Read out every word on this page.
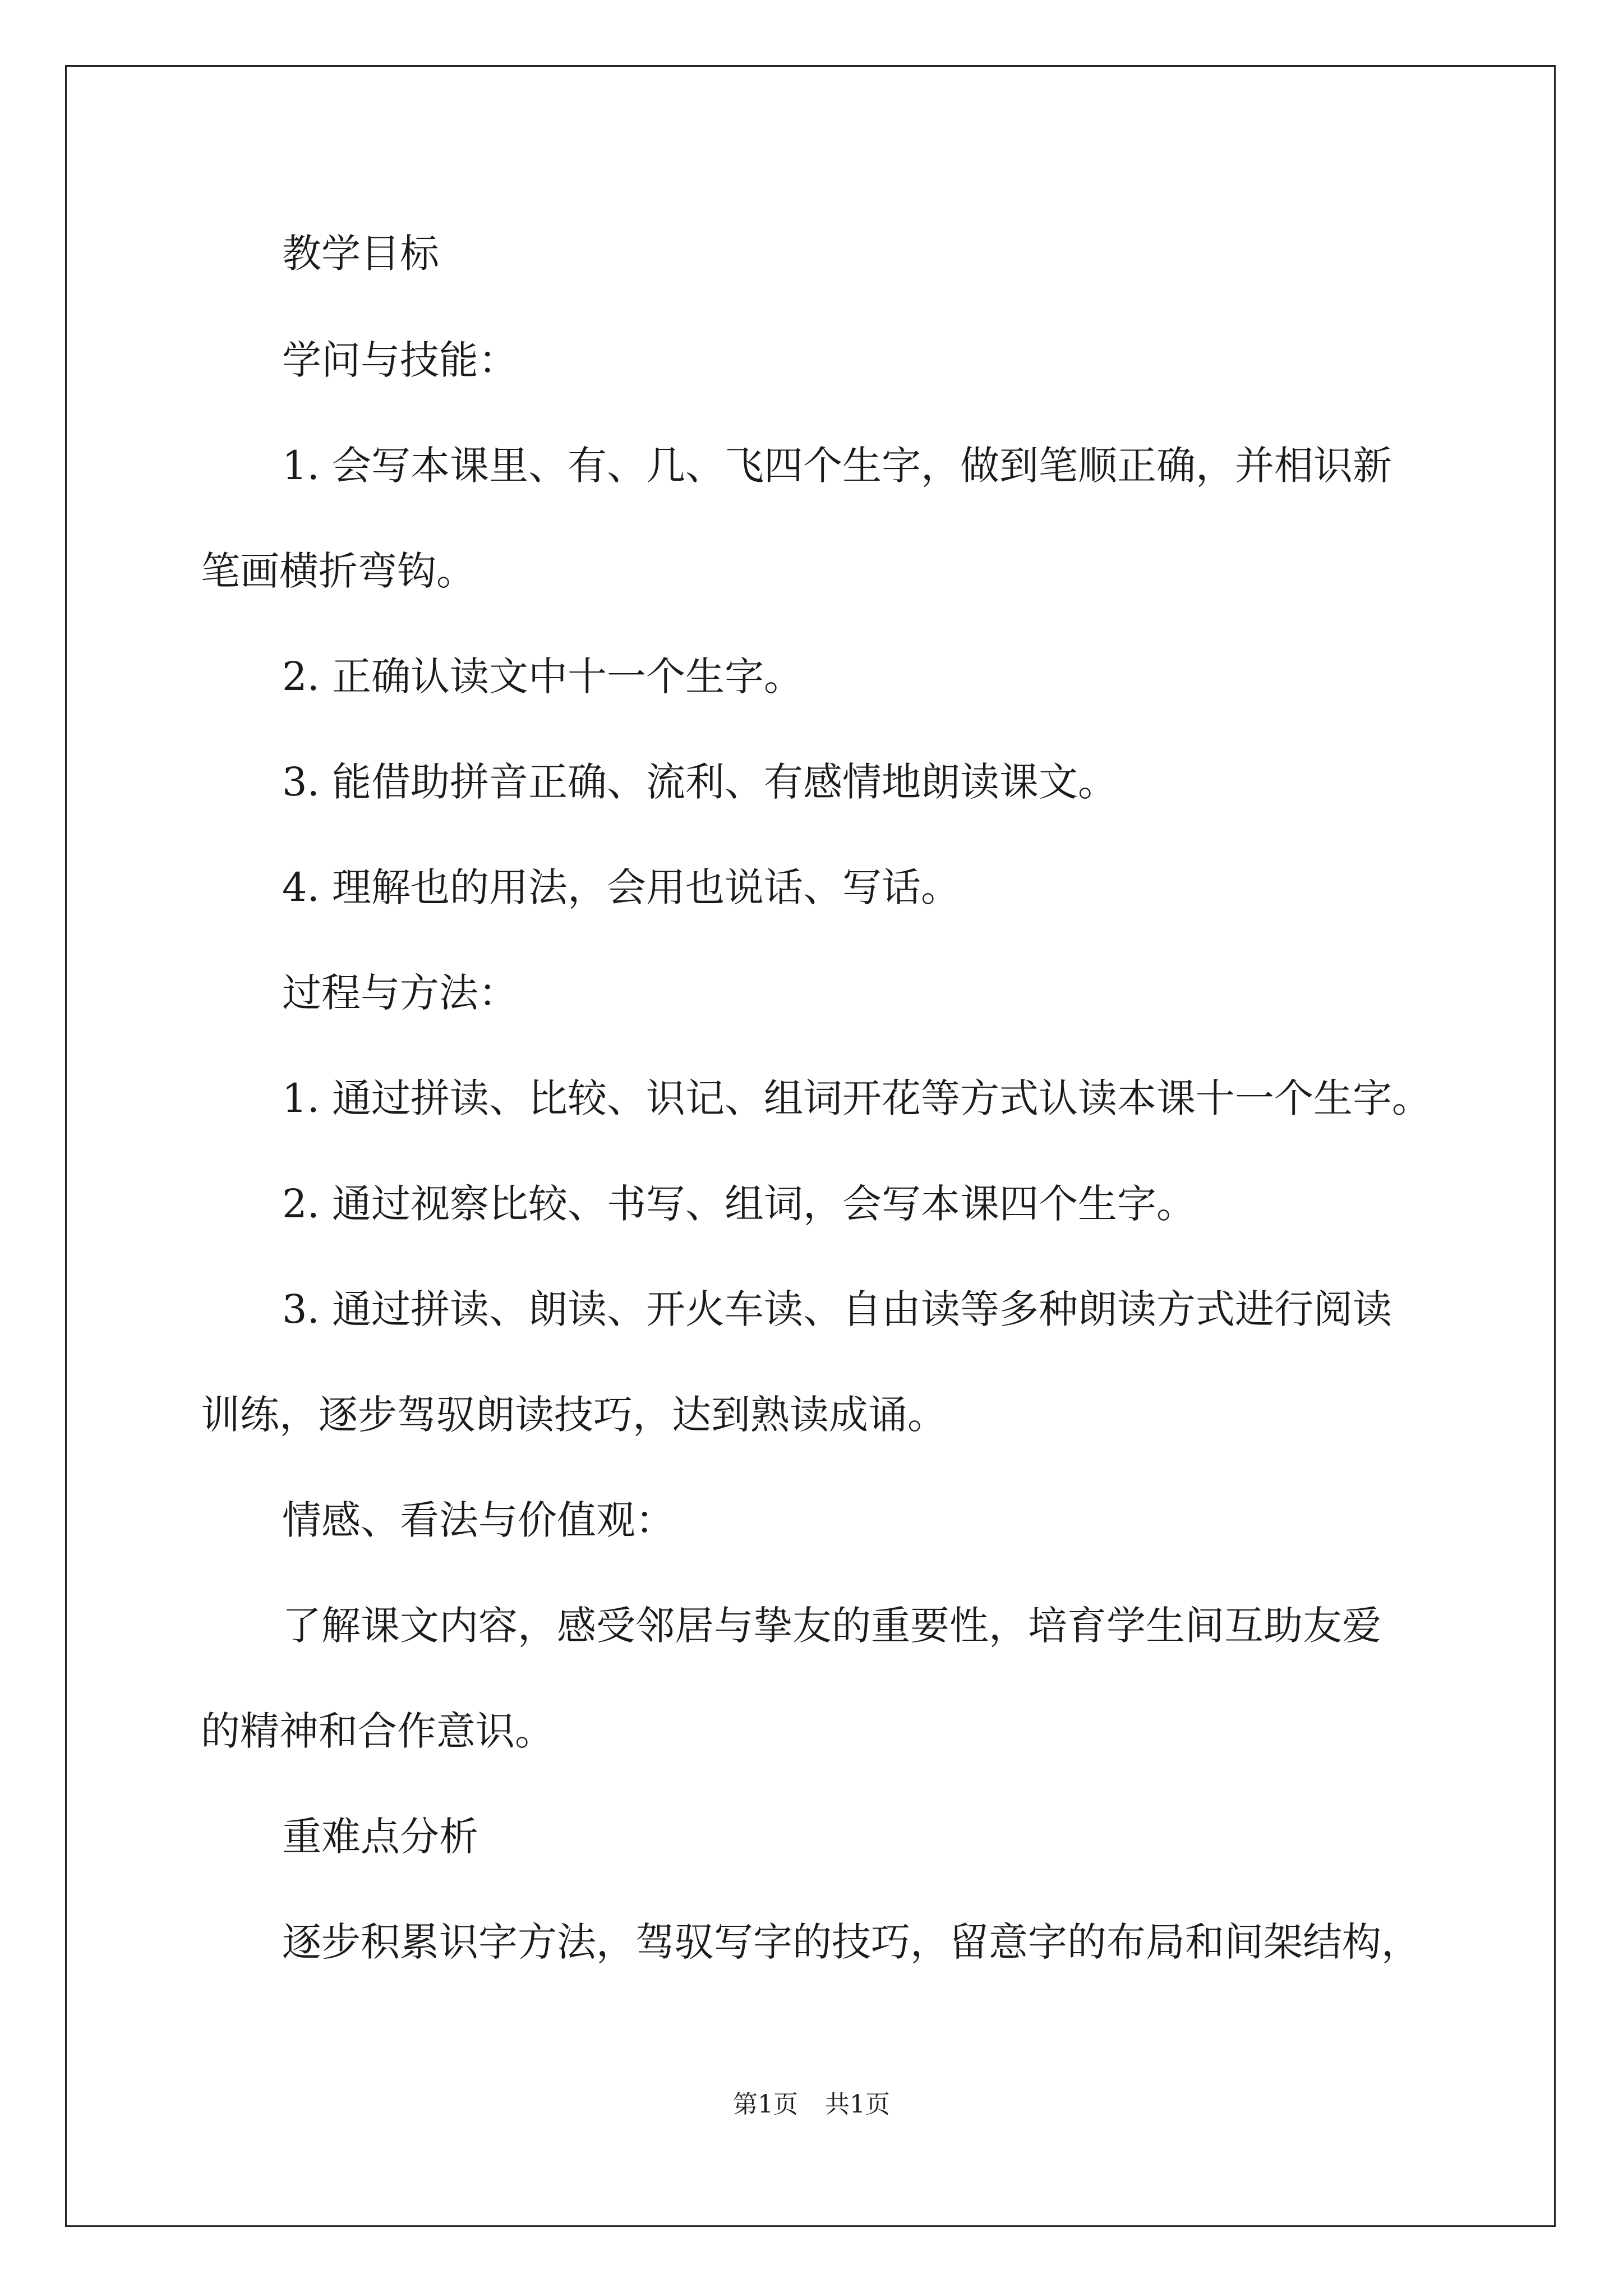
教学目标
学问与技能：
1. 会写本课里、有、几、飞四个生字，做到笔顺正确，并相识新
笔画横折弯钩。
2. 正确认读文中十一个生字。
3. 能借助拼音正确、流利、有感情地朗读课文。
4. 理解也的用法，会用也说话、写话。
过程与方法：
1. 通过拼读、比较、识记、组词开花等方式认读本课十一个生字。
2. 通过视察比较、书写、组词，会写本课四个生字。
3. 通过拼读、朗读、开火车读、自由读等多种朗读方式进行阅读
训练，逐步驾驭朗读技巧，达到熟读成诵。
情感、看法与价值观：
了解课文内容，感受邻居与挚友的重要性，培育学生间互助友爱
的精神和合作意识。
重难点分析
逐步积累识字方法，驾驭写字的技巧，留意字的布局和间架结构，
第1页 共1页
